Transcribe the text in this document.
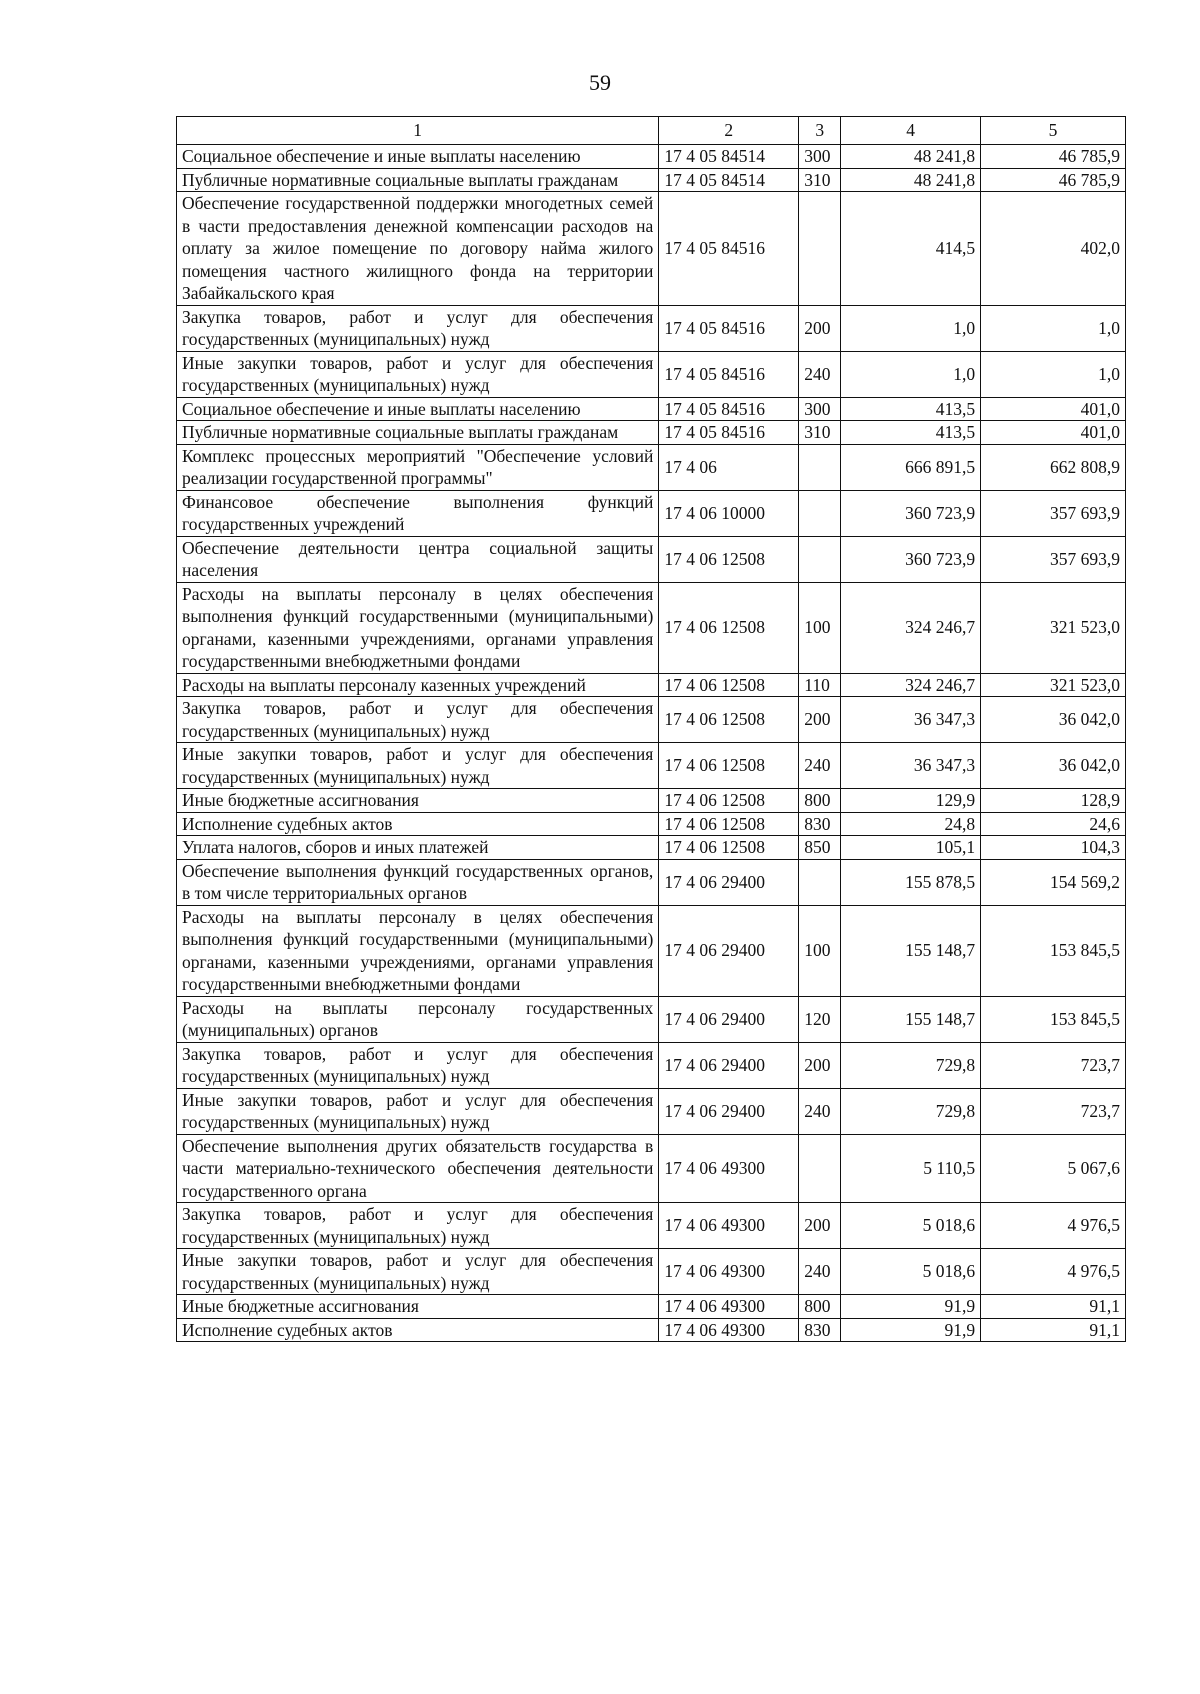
59
1	2	3	4	5
Социальное обеспечение и иные выплаты населению	17 4 05 84514	300	48 241,8	46 785,9
Публичные нормативные социальные выплаты гражданам	17 4 05 84514	310	48 241,8	46 785,9
Обеспечение государственной поддержки многодетных семей в части предоставления денежной компенсации расходов на оплату за жилое помещение по договору найма жилого помещения частного жилищного фонда на территории Забайкальского края	17 4 05 84516		414,5	402,0
Закупка товаров, работ и услуг для обеспечения государственных (муниципальных) нужд	17 4 05 84516	200	1,0	1,0
Иные закупки товаров, работ и услуг для обеспечения государственных (муниципальных) нужд	17 4 05 84516	240	1,0	1,0
Социальное обеспечение и иные выплаты населению	17 4 05 84516	300	413,5	401,0
Публичные нормативные социальные выплаты гражданам	17 4 05 84516	310	413,5	401,0
Комплекс процессных мероприятий "Обеспечение условий реализации государственной программы"	17 4 06		666 891,5	662 808,9
Финансовое обеспечение выполнения функций государственных учреждений	17 4 06 10000		360 723,9	357 693,9
Обеспечение деятельности центра социальной защиты населения	17 4 06 12508		360 723,9	357 693,9
Расходы на выплаты персоналу в целях обеспечения выполнения функций государственными (муниципальными) органами, казенными учреждениями, органами управления государственными внебюджетными фондами	17 4 06 12508	100	324 246,7	321 523,0
Расходы на выплаты персоналу казенных учреждений	17 4 06 12508	110	324 246,7	321 523,0
Закупка товаров, работ и услуг для обеспечения государственных (муниципальных) нужд	17 4 06 12508	200	36 347,3	36 042,0
Иные закупки товаров, работ и услуг для обеспечения государственных (муниципальных) нужд	17 4 06 12508	240	36 347,3	36 042,0
Иные бюджетные ассигнования	17 4 06 12508	800	129,9	128,9
Исполнение судебных актов	17 4 06 12508	830	24,8	24,6
Уплата налогов, сборов и иных платежей	17 4 06 12508	850	105,1	104,3
Обеспечение выполнения функций государственных органов, в том числе территориальных органов	17 4 06 29400		155 878,5	154 569,2
Расходы на выплаты персоналу в целях обеспечения выполнения функций государственными (муниципальными) органами, казенными учреждениями, органами управления государственными внебюджетными фондами	17 4 06 29400	100	155 148,7	153 845,5
Расходы на выплаты персоналу государственных (муниципальных) органов	17 4 06 29400	120	155 148,7	153 845,5
Закупка товаров, работ и услуг для обеспечения государственных (муниципальных) нужд	17 4 06 29400	200	729,8	723,7
Иные закупки товаров, работ и услуг для обеспечения государственных (муниципальных) нужд	17 4 06 29400	240	729,8	723,7
Обеспечение выполнения других обязательств государства в части материально-технического обеспечения деятельности государственного органа	17 4 06 49300		5 110,5	5 067,6
Закупка товаров, работ и услуг для обеспечения государственных (муниципальных) нужд	17 4 06 49300	200	5 018,6	4 976,5
Иные закупки товаров, работ и услуг для обеспечения государственных (муниципальных) нужд	17 4 06 49300	240	5 018,6	4 976,5
Иные бюджетные ассигнования	17 4 06 49300	800	91,9	91,1
Исполнение судебных актов	17 4 06 49300	830	91,9	91,1
